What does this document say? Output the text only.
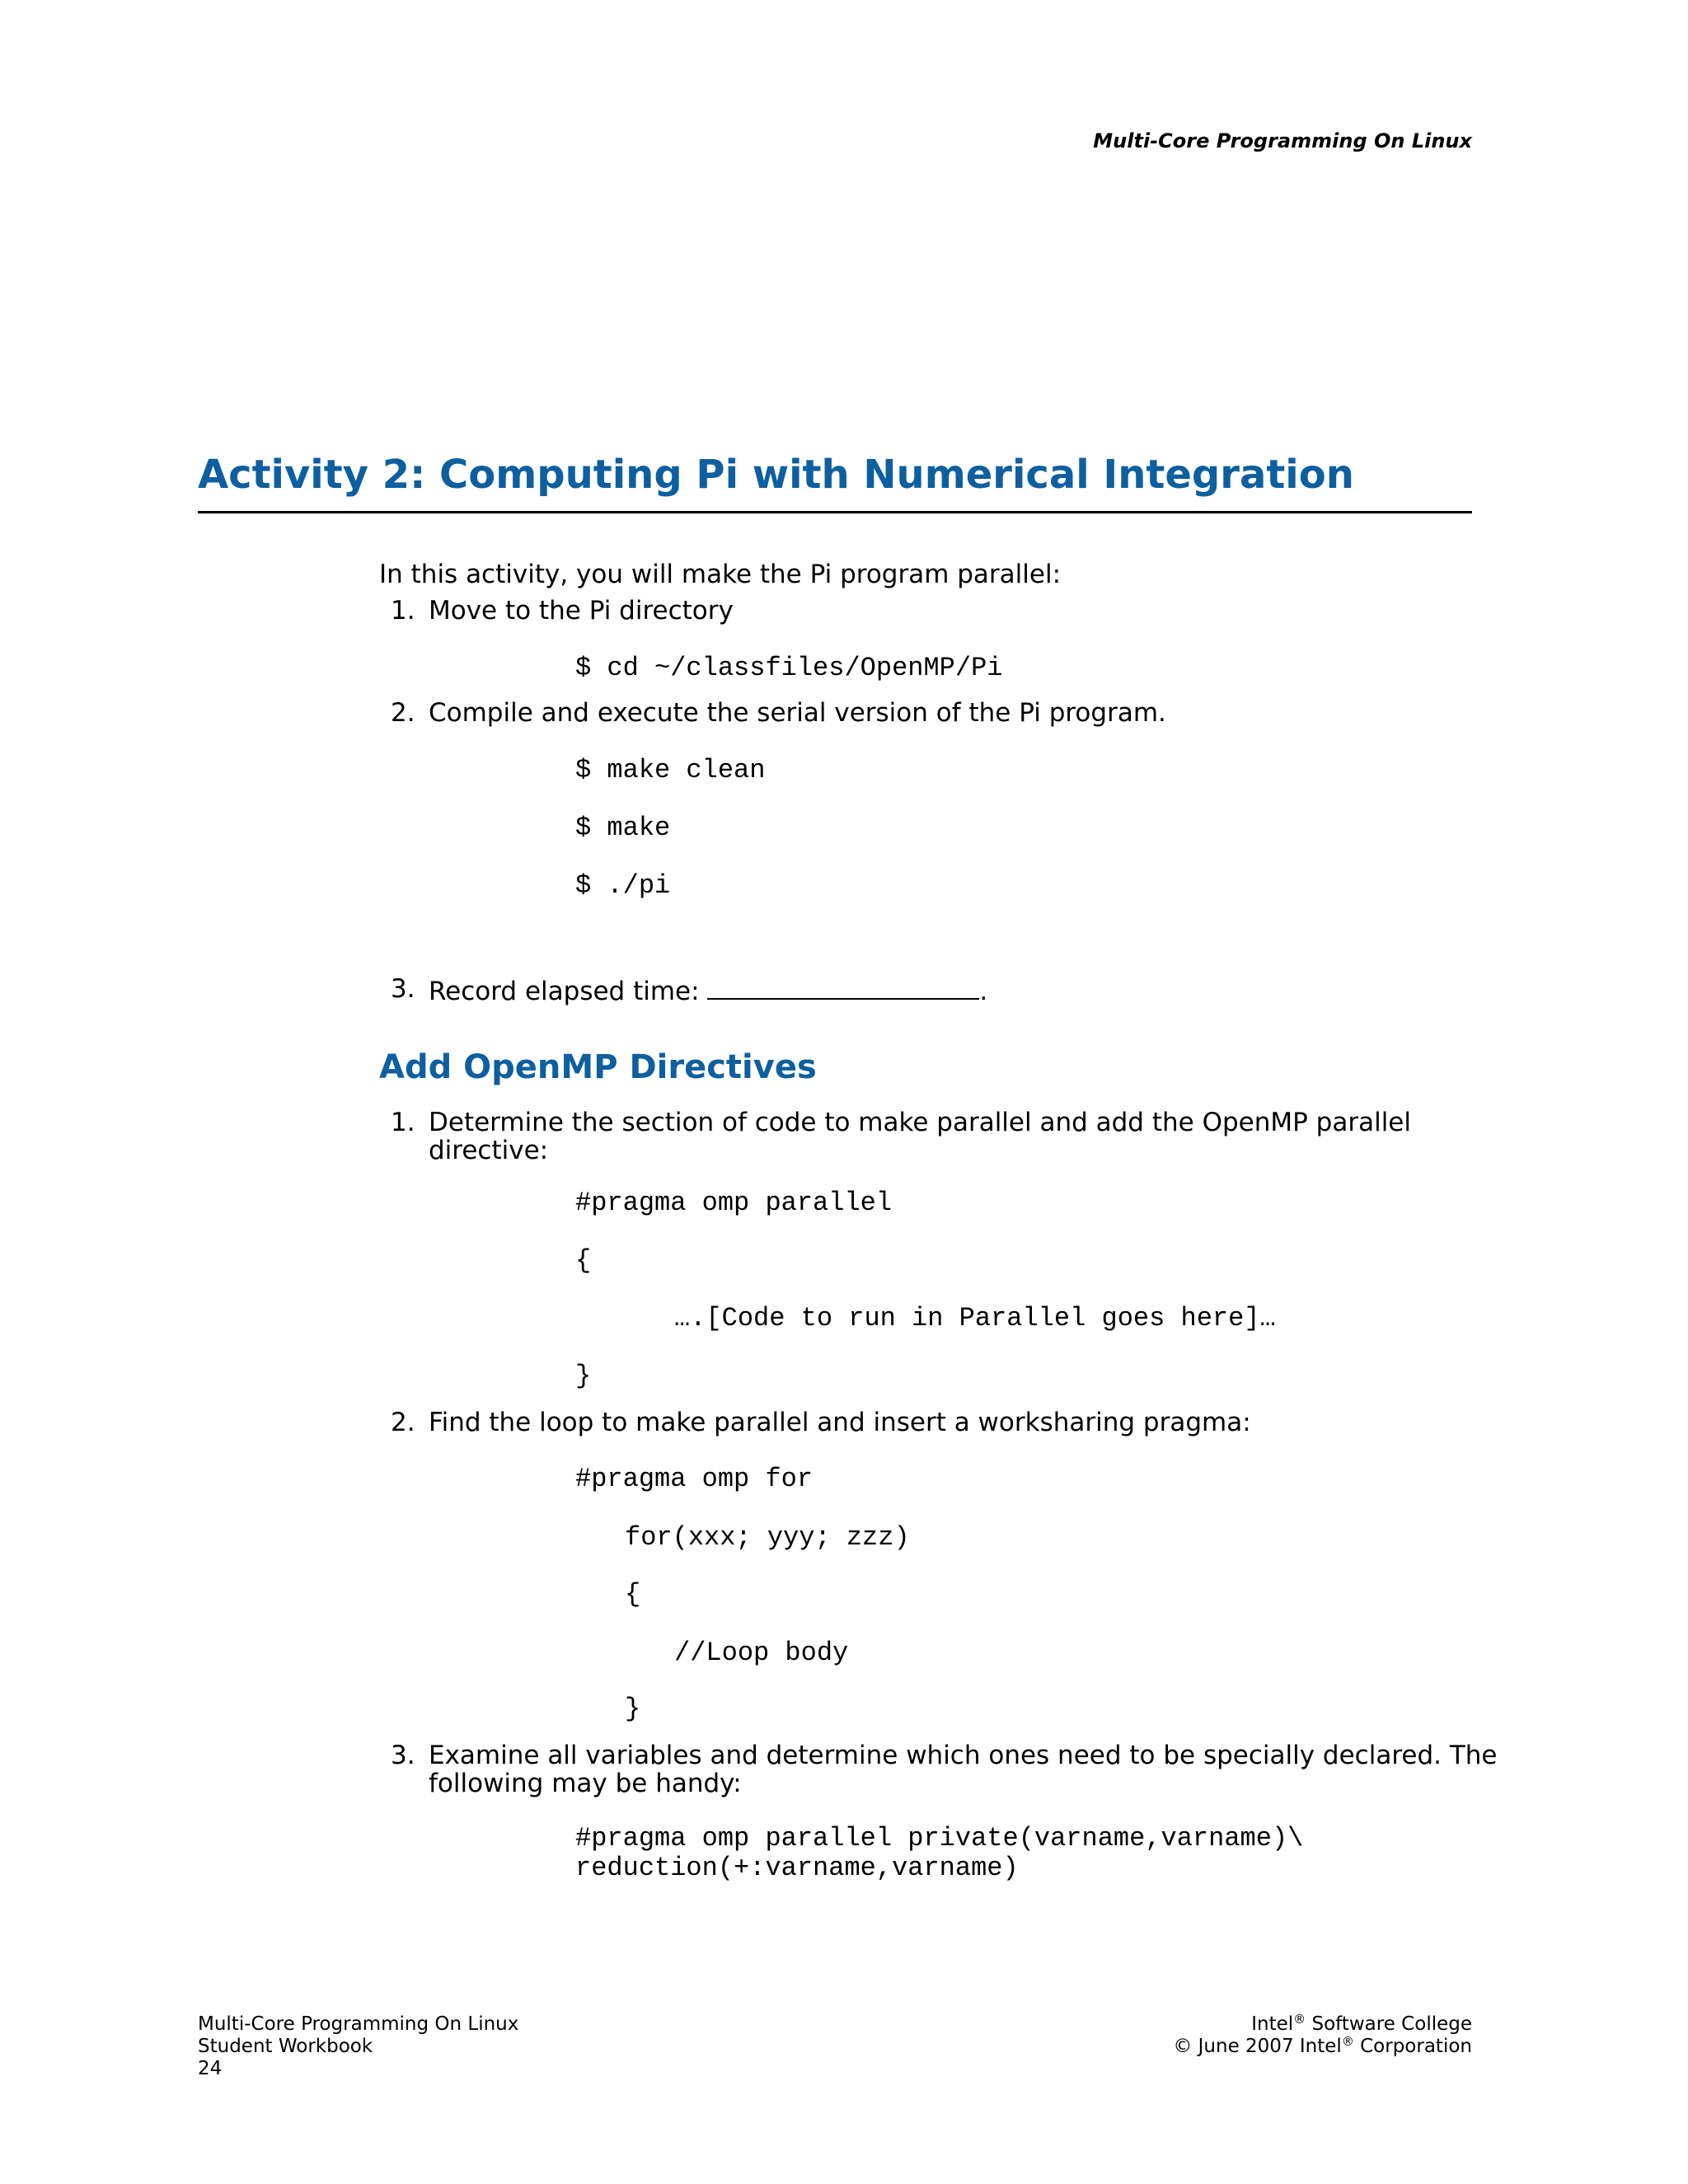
Multi-Core Programming On Linux
Activity 2: Computing Pi with Numerical Integration
In this activity, you will make the Pi program parallel:
1. Move to the Pi directory
$ cd ~/classfiles/OpenMP/Pi
2. Compile and execute the serial version of the Pi program.
$ make clean
$ make
$ ./pi
3. Record elapsed time:	.
Add OpenMP Directives
1. Determine the section of code to make parallel and add the OpenMP parallel
directive:
#pragma omp parallel
{
….[Code to run in Parallel goes here]…
}
2. Find the loop to make parallel and insert a worksharing pragma:
#pragma omp for
for(xxx; yyy; zzz)
{
//Loop body
}
3. Examine all variables and determine which ones need to be specially declared. The
following may be handy:
#pragma omp parallel private(varname,varname)\
reduction(+:varname,varname)
Multi-Core Programming On Linux
Student Workbook
24
Intel® Software College
© June 2007 Intel® Corporation
